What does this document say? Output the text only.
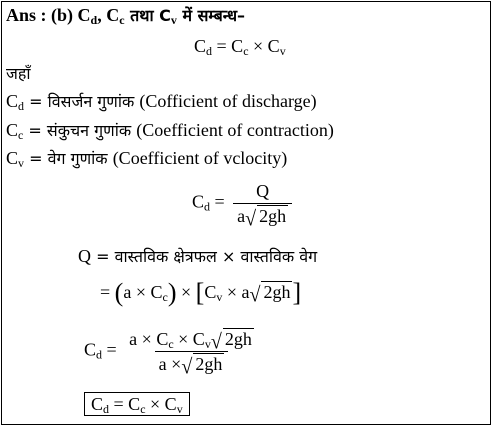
Ans : (b) $C_d$, $C_c$ तथा $C_v$ में सम्बन्ध–
$C_d = C_c \times C_v$
जहाँ
$C_d$ = विसर्जन गुणांक (Cofficient of discharge)
$C_c$ = संकुचन गुणांक (Coefficient of contraction)
$C_v$ = वेग गुणांक (Coefficient of vclocity)
$C_d = \frac{Q}{a √ 2gh}$
Q = वास्तविक क्षेत्रफल × वास्तविक वेग
= $(a \times C_c) \times [C_v \times a$ √ 2gh]
$C_d = \frac{a \times C_c \times C_v √ 2gh}{a \times √ 2gh}$
$C_d = C_c \times C_v$
